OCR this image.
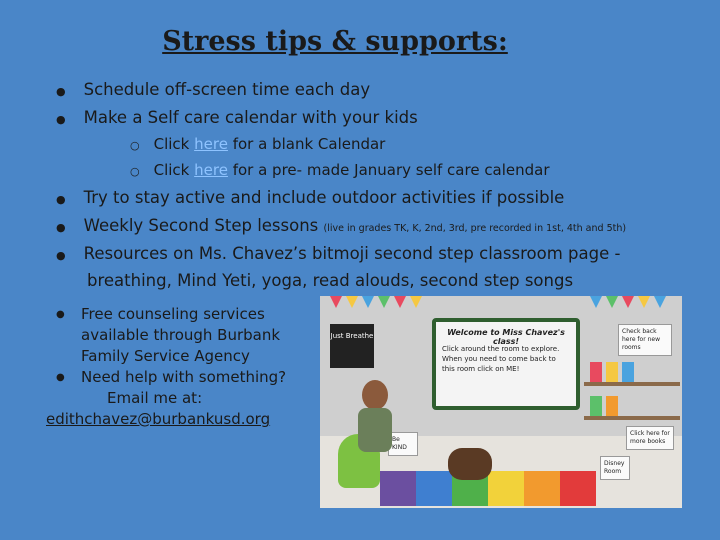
Stress tips & supports:
● Schedule off-screen time each day
● Make a Self care calendar with your kids
○ Click here for a blank Calendar
○ Click here for a pre- made January self care calendar
● Try to stay active and include outdoor activities if possible
● Weekly Second Step lessons (live in grades TK, K, 2nd, 3rd, pre recorded in 1st, 4th and 5th)
● Resources on Ms. Chavez’s bitmoji second step classroom page -
breathing, Mind Yeti, yoga, read alouds, second step songs
● Free counseling services
available through Burbank
Family Service Agency
● Need help with something?
Email me at:
edithchavez@burbankusd.org
Just Breathe	Welcome to Miss Chavez's class!
Click around the room to explore. When you need to come back to this room click on ME!
Check back here for new rooms
Click here for more books
Disney Room
Be KIND
